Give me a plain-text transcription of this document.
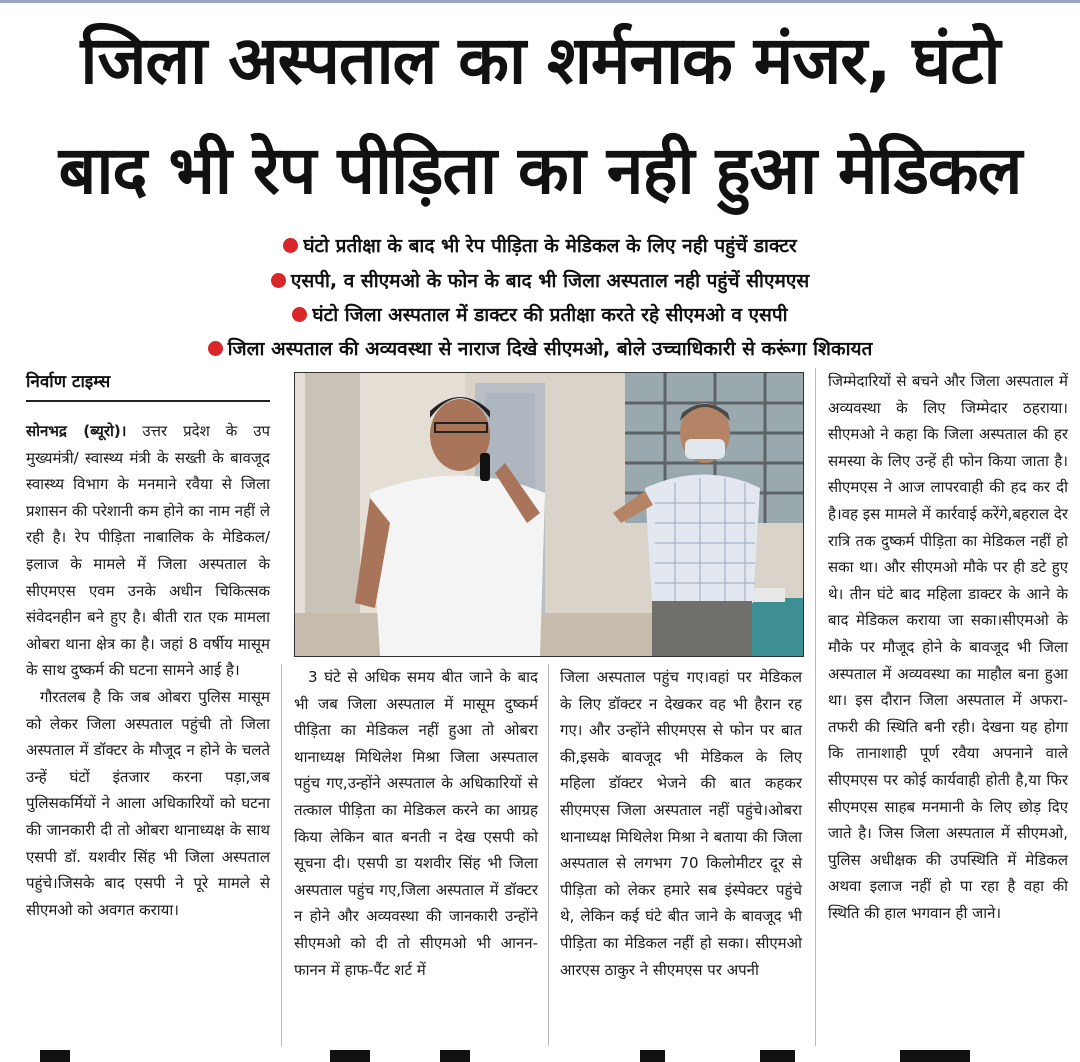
जिला अस्पताल का शर्मनाक मंजर, घंटो
बाद भी रेप पीड़िता का नही हुआ मेडिकल
घंटो प्रतीक्षा के बाद भी रेप पीड़िता के मेडिकल के लिए नही पहुंचें डाक्टर
एसपी, व सीएमओ के फोन के बाद भी जिला अस्पताल नही पहुंचें सीएमएस
घंटो जिला अस्पताल में डाक्टर की प्रतीक्षा करते रहे सीएमओ व एसपी
जिला अस्पताल की अव्यवस्था से नाराज दिखे सीएमओ, बोले उच्चाधिकारी से करूंगा शिकायत
निर्वाण टाइम्स

सोनभद्र (ब्यूरो)। उत्तर प्रदेश के उप मुख्यमंत्री/ स्वास्थ्य मंत्री के सख्ती के बावजूद स्वास्थ्य विभाग के मनमाने रवैया से जिला प्रशासन की परेशानी कम होने का नाम नहीं ले रही है। रेप पीड़िता नाबालिक के मेडिकल/इलाज के मामले में जिला अस्पताल के सीएमएस एवम उनके अधीन चिकित्सक संवेदनहीन बने हुए है। बीती रात एक मामला ओबरा थाना क्षेत्र का है। जहां 8 वर्षीय मासूम के साथ दुष्कर्म की घटना सामने आई है।

गौरतलब है कि जब ओबरा पुलिस मासूम को लेकर जिला अस्पताल पहुंची तो जिला अस्पताल में डॉक्टर के मौजूद न होने के चलते उन्हें घंटों इंतजार करना पड़ा,जब पुलिसकर्मियों ने आला अधिकारियों को घटना की जानकारी दी तो ओबरा थानाध्यक्ष के साथ एसपी डॉ. यशवीर सिंह भी जिला अस्पताल पहुंचे।जिसके बाद एसपी ने पूरे मामले से सीएमओ को अवगत कराया।

3 घंटे से अधिक समय बीत जाने के बाद भी जब जिला अस्पताल में मासूम दुष्कर्म पीड़िता का मेडिकल नहीं हुआ तो ओबरा थानाध्यक्ष मिथिलेश मिश्रा जिला अस्पताल पहुंच गए,उन्होंने अस्पताल के अधिकारियों से तत्काल पीड़िता का मेडिकल करने का आग्रह किया लेकिन बात बनती न देख एसपी को सूचना दी। एसपी डा यशवीर सिंह भी जिला अस्पताल पहुंच गए,जिला अस्पताल में डॉक्टर न होने और अव्यवस्था की जानकारी उन्होंने सीएमओ को दी तो सीएमओ भी आनन-फानन में हाफ-पैंट शर्ट में

जिला अस्पताल पहुंच गए।वहां पर मेडिकल के लिए डॉक्टर न देखकर वह भी हैरान रह गए। और उन्होंने सीएमएस से फोन पर बात की,इसके बावजूद भी मेडिकल के लिए महिला डॉक्टर भेजने की बात कहकर सीएमएस जिला अस्पताल नहीं पहुंचे।ओबरा थानाध्यक्ष मिथिलेश मिश्रा ने बताया की जिला अस्पताल से लगभग 70 किलोमीटर दूर से पीड़िता को लेकर हमारे सब इंस्पेक्टर पहुंचे थे, लेकिन कई घंटे बीत जाने के बावजूद भी पीड़िता का मेडिकल नहीं हो सका। सीएमओ आरएस ठाकुर ने सीएमएस पर अपनी

जिम्मेदारियों से बचने और जिला अस्पताल में अव्यवस्था के लिए जिम्मेदार ठहराया। सीएमओ ने कहा कि जिला अस्पताल की हर समस्या के लिए उन्हें ही फोन किया जाता है। सीएमएस ने आज लापरवाही की हद कर दी है।वह इस मामले में कार्रवाई करेंगे,बहराल देर रात्रि तक दुष्कर्म पीड़िता का मेडिकल नहीं हो सका था। और सीएमओ मौके पर ही डटे हुए थे। तीन घंटे बाद महिला डाक्टर के आने के बाद मेडिकल कराया जा सका।सीएमओ के मौके पर मौजूद होने के बावजूद भी जिला अस्पताल में अव्यवस्था का माहौल बना हुआ था। इस दौरान जिला अस्पताल में अफरा-तफरी की स्थिति बनी रही। देखना यह होगा कि तानाशाही पूर्ण रवैया अपनाने वाले सीएमएस पर कोई कार्यवाही होती है,या फिर सीएमएस साहब मनमानी के लिए छोड़ दिए जाते है। जिस जिला अस्पताल में सीएमओ, पुलिस अधीक्षक की उपस्थिति में मेडिकल अथवा इलाज नहीं हो पा रहा है वहा की स्थिति की हाल भगवान ही जाने।
